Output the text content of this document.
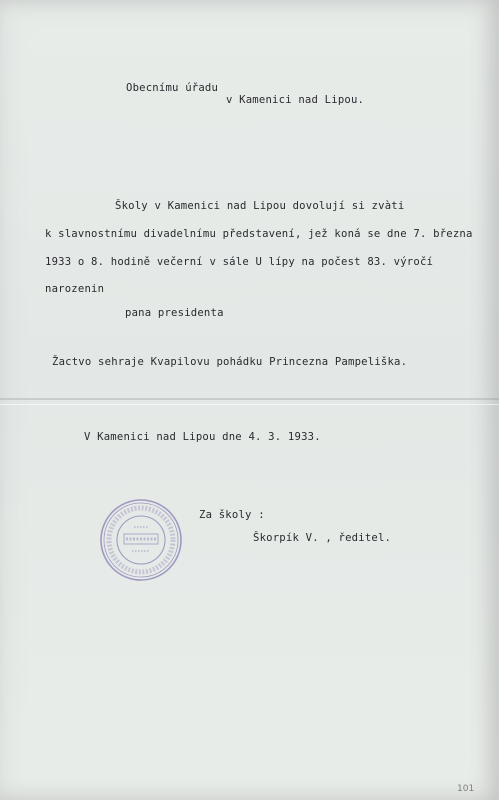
Obecnímu úřadu
v Kamenici nad Lipou.
Školy v Kamenici nad Lipou dovolují si zvàti
k slavnostnímu divadelnímu představení, jež koná se dne 7. března
1933 o 8. hodině večerní v sále U lípy na počest 83. výročí
narozenin
pana presidenta
Žactvo sehraje Kvapilovu pohádku Princezna Pampeliška.
V Kamenici nad Lipou dne 4. 3. 1933.
Za školy :
Škorpík V. , ředitel.
101
